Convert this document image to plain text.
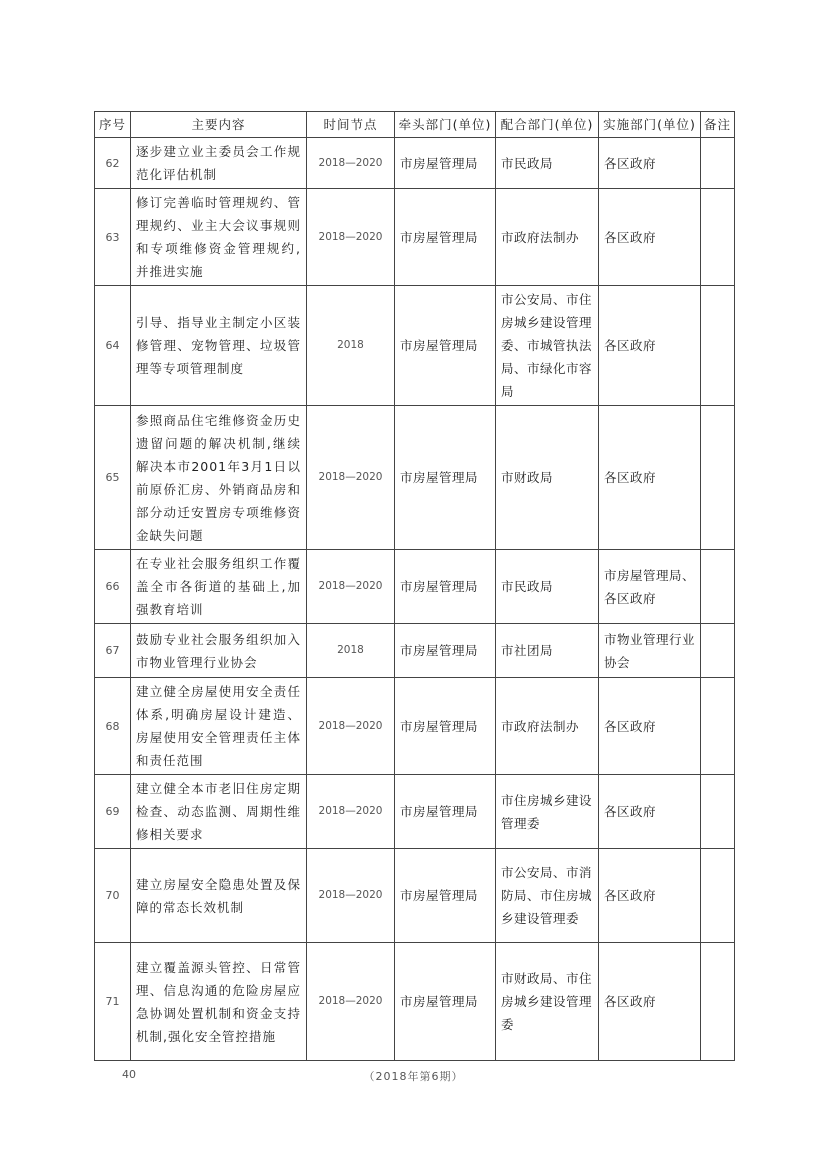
序号	主要内容	时间节点	牵头部门(单位)	配合部门(单位)	实施部门(单位)	备注
62	逐步建立业主委员会工作规范化评估机制	2018—2020	市房屋管理局	市民政局	各区政府	
63	修订完善临时管理规约、管理规约、业主大会议事规则和专项维修资金管理规约,并推进实施	2018—2020	市房屋管理局	市政府法制办	各区政府	
64	引导、指导业主制定小区装修管理、宠物管理、垃圾管理等专项管理制度	2018	市房屋管理局	市公安局、市住房城乡建设管理委、市城管执法局、市绿化市容局	各区政府	
65	参照商品住宅维修资金历史遗留问题的解决机制,继续解决本市2001年3月1日以前原侨汇房、外销商品房和部分动迁安置房专项维修资金缺失问题	2018—2020	市房屋管理局	市财政局	各区政府	
66	在专业社会服务组织工作覆盖全市各街道的基础上,加强教育培训	2018—2020	市房屋管理局	市民政局	市房屋管理局、各区政府	
67	鼓励专业社会服务组织加入市物业管理行业协会	2018	市房屋管理局	市社团局	市物业管理行业协会	
68	建立健全房屋使用安全责任体系,明确房屋设计建造、房屋使用安全管理责任主体和责任范围	2018—2020	市房屋管理局	市政府法制办	各区政府	
69	建立健全本市老旧住房定期检查、动态监测、周期性维修相关要求	2018—2020	市房屋管理局	市住房城乡建设管理委	各区政府	
70	建立房屋安全隐患处置及保障的常态长效机制	2018—2020	市房屋管理局	市公安局、市消防局、市住房城乡建设管理委	各区政府	
71	建立覆盖源头管控、日常管理、信息沟通的危险房屋应急协调处置机制和资金支持机制,强化安全管控措施	2018—2020	市房屋管理局	市财政局、市住房城乡建设管理委	各区政府	
40	（2018年第6期）
